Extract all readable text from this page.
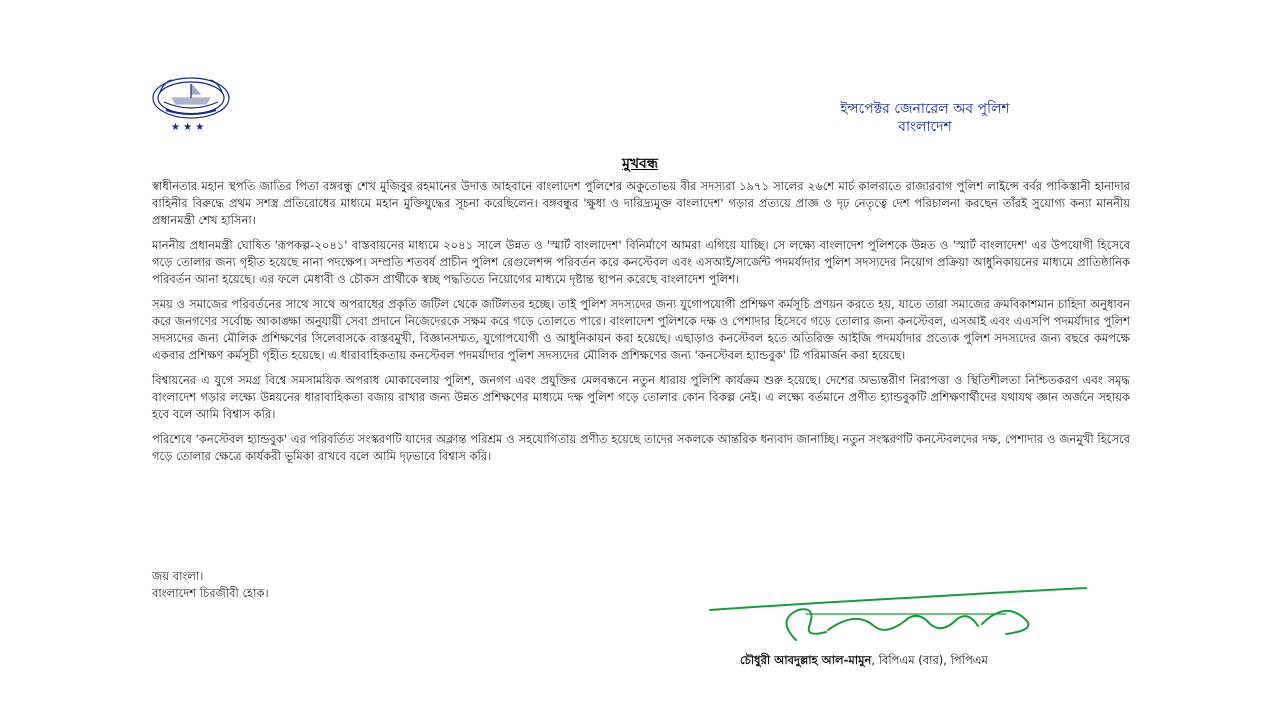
★ ★ ★
ইন্সপেক্টর জেনারেল অব পুলিশ
বাংলাদেশ
মুখবন্ধ

স্বাধীনতার মহান স্থপতি জাতির পিতা বঙ্গবন্ধু শেখ মুজিবুর রহমানের উদাত্ত আহবানে বাংলাদেশ পুলিশের অকুতোভয় বীর সদস্যরা ১৯৭১ সালের ২৬শে মার্চ কালরাতে রাজারবাগ পুলিশ লাইন্সে বর্বর পাকিস্তানী হানাদার বাহিনীর বিরুদ্ধে প্রথম সশস্ত্র প্রতিরোধের মাধ্যমে মহান মুক্তিযুদ্ধের সূচনা করেছিলেন। বঙ্গবন্ধুর 'ক্ষুধা ও দারিদ্র্যমুক্ত বাংলাদেশ' গড়ার প্রত্যয়ে প্রাজ্ঞ ও দৃঢ় নেতৃত্বে দেশ পরিচালনা করছেন তাঁরই সুযোগ্য কন্যা মাননীয় প্রধানমন্ত্রী শেখ হাসিনা।

মাননীয় প্রধানমন্ত্রী ঘোষিত 'রূপকল্প-২০৪১' বাস্তবায়নের মাধ্যমে ২০৪১ সালে উন্নত ও 'স্মার্ট বাংলাদেশ' বিনির্মাণে আমরা এগিয়ে যাচ্ছি। সে লক্ষ্যে বাংলাদেশ পুলিশকে উন্নত ও 'স্মার্ট বাংলাদেশ' এর উপযোগী হিসেবে গড়ে তোলার জন্য গৃহীত হয়েছে নানা পদক্ষেপ। সম্প্রতি শতবর্ষ প্রাচীন পুলিশ রেগুলেশন্স পরিবর্তন করে কনস্টেবল এবং এসআই/সার্জেন্ট পদমর্যাদার পুলিশ সদস্যদের নিয়োগ প্রক্রিয়া আধুনিকায়নের মাধ্যমে প্রাতিষ্ঠানিক পরিবর্তন আনা হয়েছে। এর ফলে মেধাবী ও চৌকস প্রার্থীকে স্বচ্ছ পদ্ধতিতে নিয়োগের মাধ্যমে দৃষ্টান্ত স্থাপন করেছে বাংলাদেশ পুলিশ।

সময় ও সমাজের পরিবর্তনের সাথে সাথে অপরাধের প্রকৃতি জটিল থেকে জটিলতর হচ্ছে। তাই পুলিশ সদস্যদের জন্য যুগোপযোগী প্রশিক্ষণ কর্মসূচি প্রণয়ন করতে হয়, যাতে তারা সমাজের ক্রমবিকাশমান চাহিদা অনুধাবন করে জনগণের সর্বোচ্চ আকাঙ্ক্ষা অনুযায়ী সেবা প্রদানে নিজেদেরকে সক্ষম করে গড়ে তোলতে পারে। বাংলাদেশ পুলিশকে দক্ষ ও পেশাদার হিসেবে গড়ে তোলার জন্য কনস্টেবল, এসআই এবং এএসপি পদমর্যাদার পুলিশ সদস্যদের জন্য মৌলিক প্রশিক্ষণের সিলেবাসকে বাস্তবমুখী, বিজ্ঞানসম্মত, যুগোপযোগী ও আধুনিকায়ন করা হয়েছে। এছাড়াও কনস্টেবল হতে অতিরিক্ত আইজি পদমর্যাদার প্রত্যেক পুলিশ সদস্যদের জন্য বছরে কমপক্ষে একবার প্রশিক্ষণ কর্মসূচী গৃহীত হয়েছে। এ ধারাবাহিকতায় কনস্টেবল পদমর্যাদার পুলিশ সদস্যদের মৌলিক প্রশিক্ষণের জন্য 'কনস্টেবল হ্যান্ডবুক' টি পরিমার্জন করা হয়েছে।

বিশ্বায়নের এ যুগে সমগ্র বিশ্বে সমসাময়িক অপরাধ মোকাবেলায় পুলিশ, জনগণ এবং প্রযুক্তির মেলবন্ধনে নতুন ধারায় পুলিশি কার্যক্রম শুরু হয়েছে। দেশের অভ্যন্তরীণ নিরাপত্তা ও স্থিতিশীলতা নিশ্চিতকরণ এবং সমৃদ্ধ বাংলাদেশ গড়ার লক্ষ্যে উন্নয়নের ধারাবাহিকতা বজায় রাখার জন্য উন্নত প্রশিক্ষণের মাধ্যমে দক্ষ পুলিশ গড়ে তোলার কোন বিকল্প নেই। এ লক্ষ্যে বর্তমানে প্রণীত হ্যান্ডবুকটি প্রশিক্ষণার্থীদের যথাযথ জ্ঞান অর্জনে সহায়ক হবে বলে আমি বিশ্বাস করি।

পরিশেষে 'কনস্টেবল হ্যান্ডবুক' এর পরিবর্তিত সংস্করণটি যাদের অক্লান্ত পরিশ্রম ও সহযোগিতায় প্রণীত হয়েছে তাদের সকলকে আন্তরিক ধন্যবাদ জানাচ্ছি। নতুন সংস্করণটি কনস্টেবলদের দক্ষ, পেশাদার ও জনমুখী হিসেবে গড়ে তোলার ক্ষেত্রে কার্যকরী ভূমিকা রাখবে বলে আমি দৃঢ়ভাবে বিশ্বাস করি।

জয় বাংলা।
বাংলাদেশ চিরজীবী হোক।
চৌধুরী আবদুল্লাহ আল-মামুন, বিপিএম (বার), পিপিএম
